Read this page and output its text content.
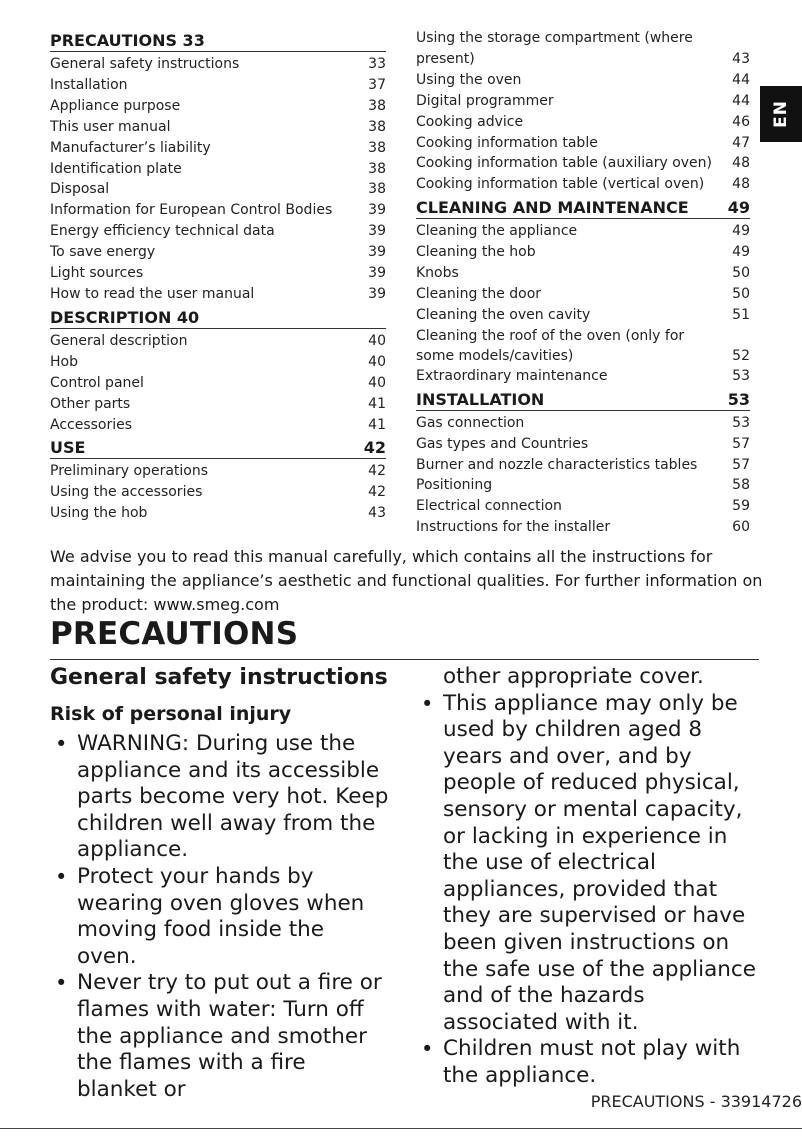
PRECAUTIONS 33
General safety instructions	33
Installation	37
Appliance purpose	38
This user manual	38
Manufacturer’s liability	38
Identification plate	38
Disposal	38
Information for European Control Bodies	39
Energy efficiency technical data	39
To save energy	39
Light sources	39
How to read the user manual	39
DESCRIPTION 40
General description	40
Hob	40
Control panel	40
Other parts	41
Accessories	41
USE	42
Preliminary operations	42
Using the accessories	42
Using the hob	43
Using the storage compartment (where present)	43
Using the oven	44
Digital programmer	44
Cooking advice	46
Cooking information table	47
Cooking information table (auxiliary oven)	48
Cooking information table (vertical oven)	48
CLEANING AND MAINTENANCE 49
Cleaning the appliance	49
Cleaning the hob	49
Knobs	50
Cleaning the door	50
Cleaning the oven cavity	51
Cleaning the roof of the oven (only for some models/cavities)	52
Extraordinary maintenance	53
INSTALLATION	53
Gas connection	53
Gas types and Countries	57
Burner and nozzle characteristics tables	57
Positioning	58
Electrical connection	59
Instructions for the installer	60
EN
We advise you to read this manual carefully, which contains all the instructions for maintaining the appliance’s aesthetic and functional qualities. For further information on the product: www.smeg.com
PRECAUTIONS
General safety instructions
Risk of personal injury
• WARNING: During use the appliance and its accessible parts become very hot. Keep children well away from the appliance.
• Protect your hands by wearing oven gloves when moving food inside the oven.
• Never try to put out a fire or flames with water: Turn off the appliance and smother the flames with a fire blanket or

other appropriate cover.

• This appliance may only be used by children aged 8 years and over, and by people of reduced physical, sensory or mental capacity, or lacking in experience in the use of electrical appliances, provided that they are supervised or have been given instructions on the safe use of the appliance and of the hazards associated with it.
• Children must not play with the appliance.
PRECAUTIONS - 33914726
